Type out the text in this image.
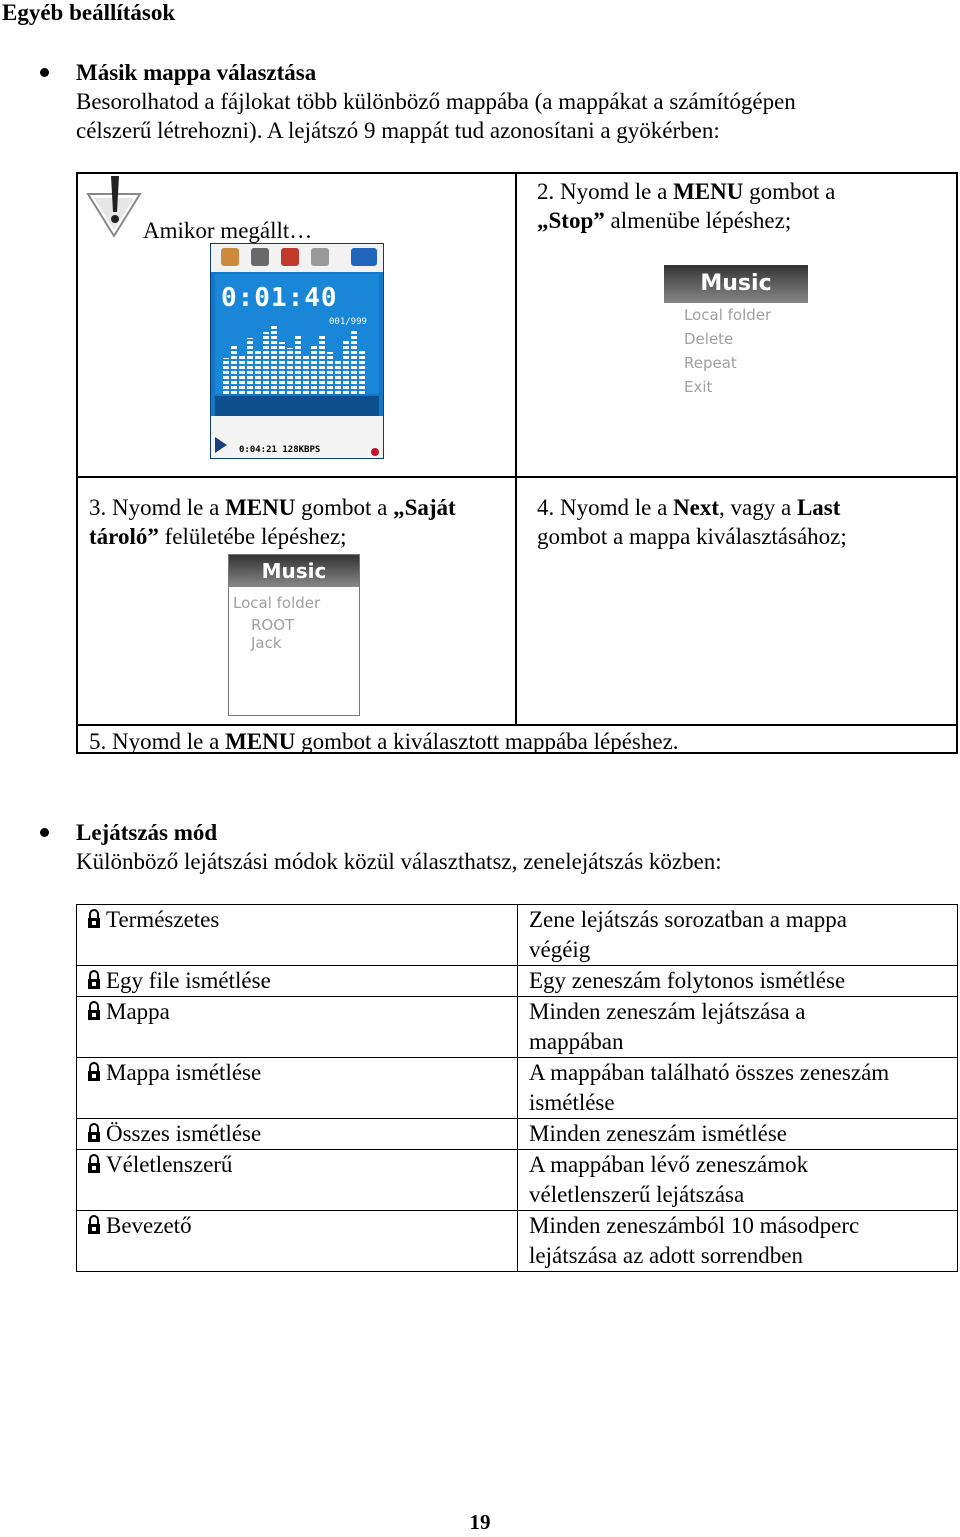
Egyéb beállítások
Másik mappa választása
Besorolhatod a fájlokat több különböző mappába (a mappákat a számítógépen
célszerű létrehozni). A lejátszó 9 mappát tud azonosítani a gyökérben:
Amikor megállt…
0:01:40
001/999
0:04:21 128KBPS
2. Nyomd le a MENU gombot a
„Stop” almenübe lépéshez;
Music
Local folder
Delete
Repeat
Exit
3. Nyomd le a MENU gombot a „Saját
tároló” felületébe lépéshez;
Music
Local folder
ROOT
Jack
4. Nyomd le a Next, vagy a Last
gombot a mappa kiválasztásához;
5. Nyomd le a MENU gombot a kiválasztott mappába lépéshez.
Lejátszás mód
Különböző lejátszási módok közül választhatsz, zenelejátszás közben:
Természetes	Zene lejátszás sorozatban a mappa
végéig

Egy file ismétlése	Egy zeneszám folytonos ismétlése

Mappa	Minden zeneszám lejátszása a
mappában

Mappa ismétlése	A mappában található összes zeneszám
ismétlése

Összes ismétlése	Minden zeneszám ismétlése

Véletlenszerű	A mappában lévő zeneszámok
véletlenszerű lejátszása

Bevezető	Minden zeneszámból 10 másodperc
lejátszása az adott sorrendben
19
